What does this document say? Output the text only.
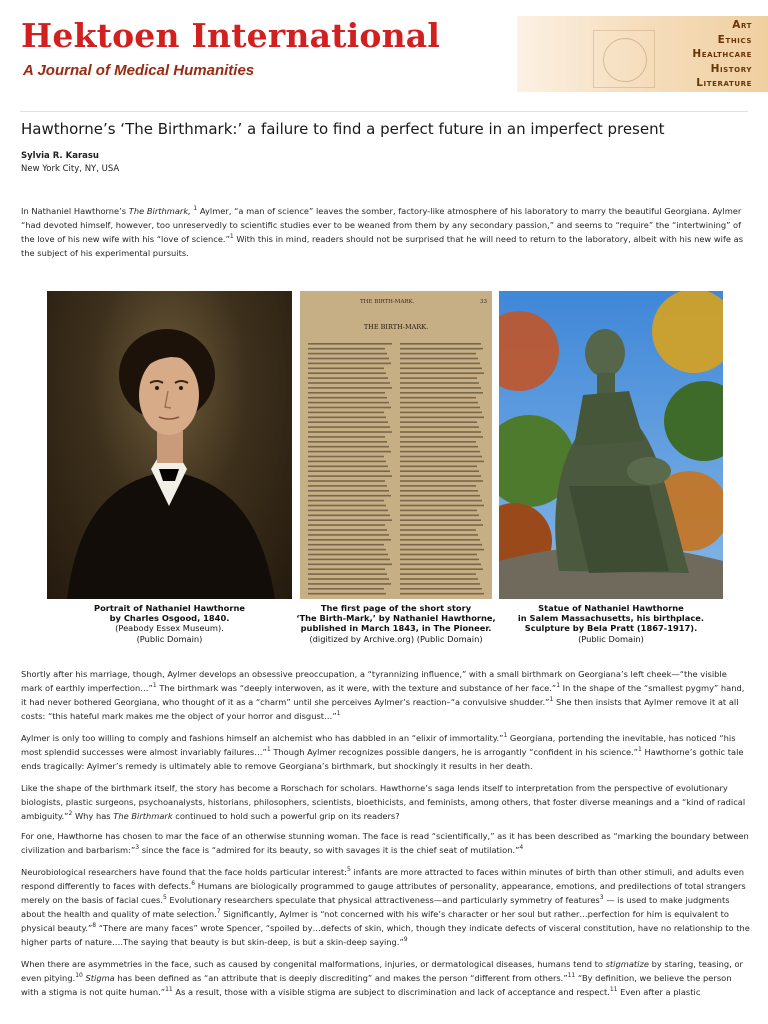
Hektoen International
A Journal of Medical Humanities
Art
Ethics
Healthcare
History
Literature
Hawthorne’s ‘The Birthmark:’ a failure to find a perfect future in an imperfect present
Sylvia R. Karasu
New York City, NY, USA

In Nathaniel Hawthorne’s The Birthmark, $^1$ Aylmer, “a man of science” leaves the somber, factory-like atmosphere of his laboratory to marry the beautiful Georgiana. Aylmer “had devoted himself, however, too unreservedly to scientific studies ever to be weaned from them by any secondary passion,” and seems to “require” the “intertwining” of the love of his new wife with his “love of science.”$^1$ With this in mind, readers should not be surprised that he will need to return to the laboratory, albeit with his new wife as the subject of his experimental pursuits.

THE BIRTH-MARK.	33
THE BIRTH-MARK.
Portrait of Nathaniel Hawthorne
by Charles Osgood, 1840.
(Peabody Essex Museum).
(Public Domain)
The first page of the short story
‘The Birth-Mark,’ by Nathaniel Hawthorne,
published in March 1843, in The Pioneer.
(digitized by Archive.org) (Public Domain)
Statue of Nathaniel Hawthorne
in Salem Massachusetts, his birthplace.
Sculpture by Bela Pratt (1867-1917).
(Public Domain)

Shortly after his marriage, though, Aylmer develops an obsessive preoccupation, a “tyrannizing influence,” with a small birthmark on Georgiana’s left cheek—“the visible mark of earthly imperfection…”$^1$ The birthmark was “deeply interwoven, as it were, with the texture and substance of her face.”$^1$ In the shape of the “smallest pygmy” hand, it had never bothered Georgiana, who thought of it as a “charm” until she perceives Aylmer’s reaction–“a convulsive shudder.”$^1$ She then insists that Aylmer remove it at all costs: “this hateful mark makes me the object of your horror and disgust…”$^1$

Aylmer is only too willing to comply and fashions himself an alchemist who has dabbled in an “elixir of immortality.”$^1$ Georgiana, portending the inevitable, has noticed “his most splendid successes were almost invariably failures…”$^1$ Though Aylmer recognizes possible dangers, he is arrogantly “confident in his science.”$^1$ Hawthorne’s gothic tale ends tragically: Aylmer’s remedy is ultimately able to remove Georgiana’s birthmark, but shockingly it results in her death.

Like the shape of the birthmark itself, the story has become a Rorschach for scholars. Hawthorne’s saga lends itself to interpretation from the perspective of evolutionary biologists, plastic surgeons, psychoanalysts, historians, philosophers, scientists, bioethicists, and feminists, among others, that foster diverse meanings and a “kind of radical ambiguity.”$^2$ Why has The Birthmark continued to hold such a powerful grip on its readers?

For one, Hawthorne has chosen to mar the face of an otherwise stunning woman. The face is read “scientifically,” as it has been described as “marking the boundary between civilization and barbarism:”$^3$ since the face is “admired for its beauty, so with savages it is the chief seat of mutilation.”$^4$

Neurobiological researchers have found that the face holds particular interest:$^5$ infants are more attracted to faces within minutes of birth than other stimuli, and adults even respond differently to faces with defects.$^6$ Humans are biologically programmed to gauge attributes of personality, appearance, emotions, and predilections of total strangers merely on the basis of facial cues.$^5$ Evolutionary researchers speculate that physical attractiveness—and particularly symmetry of features$^3$ — is used to make judgments about the health and quality of mate selection.$^7$ Significantly, Aylmer is “not concerned with his wife’s character or her soul but rather…perfection for him is equivalent to physical beauty.”$^8$ “There are many faces” wrote Spencer, “spoiled by…defects of skin, which, though they indicate defects of visceral constitution, have no relationship to the higher parts of nature….The saying that beauty is but skin-deep, is but a skin-deep saying.”$^9$

When there are asymmetries in the face, such as caused by congenital malformations, injuries, or dermatological diseases, humans tend to stigmatize by staring, teasing, or even pitying.$^{10}$ Stigma has been defined as “an attribute that is deeply discrediting” and makes the person “different from others.”$^{11}$ “By definition, we believe the person with a stigma is not quite human.”$^{11}$ As a result, those with a visible stigma are subject to discrimination and lack of acceptance and respect.$^{11}$ Even after a plastic
